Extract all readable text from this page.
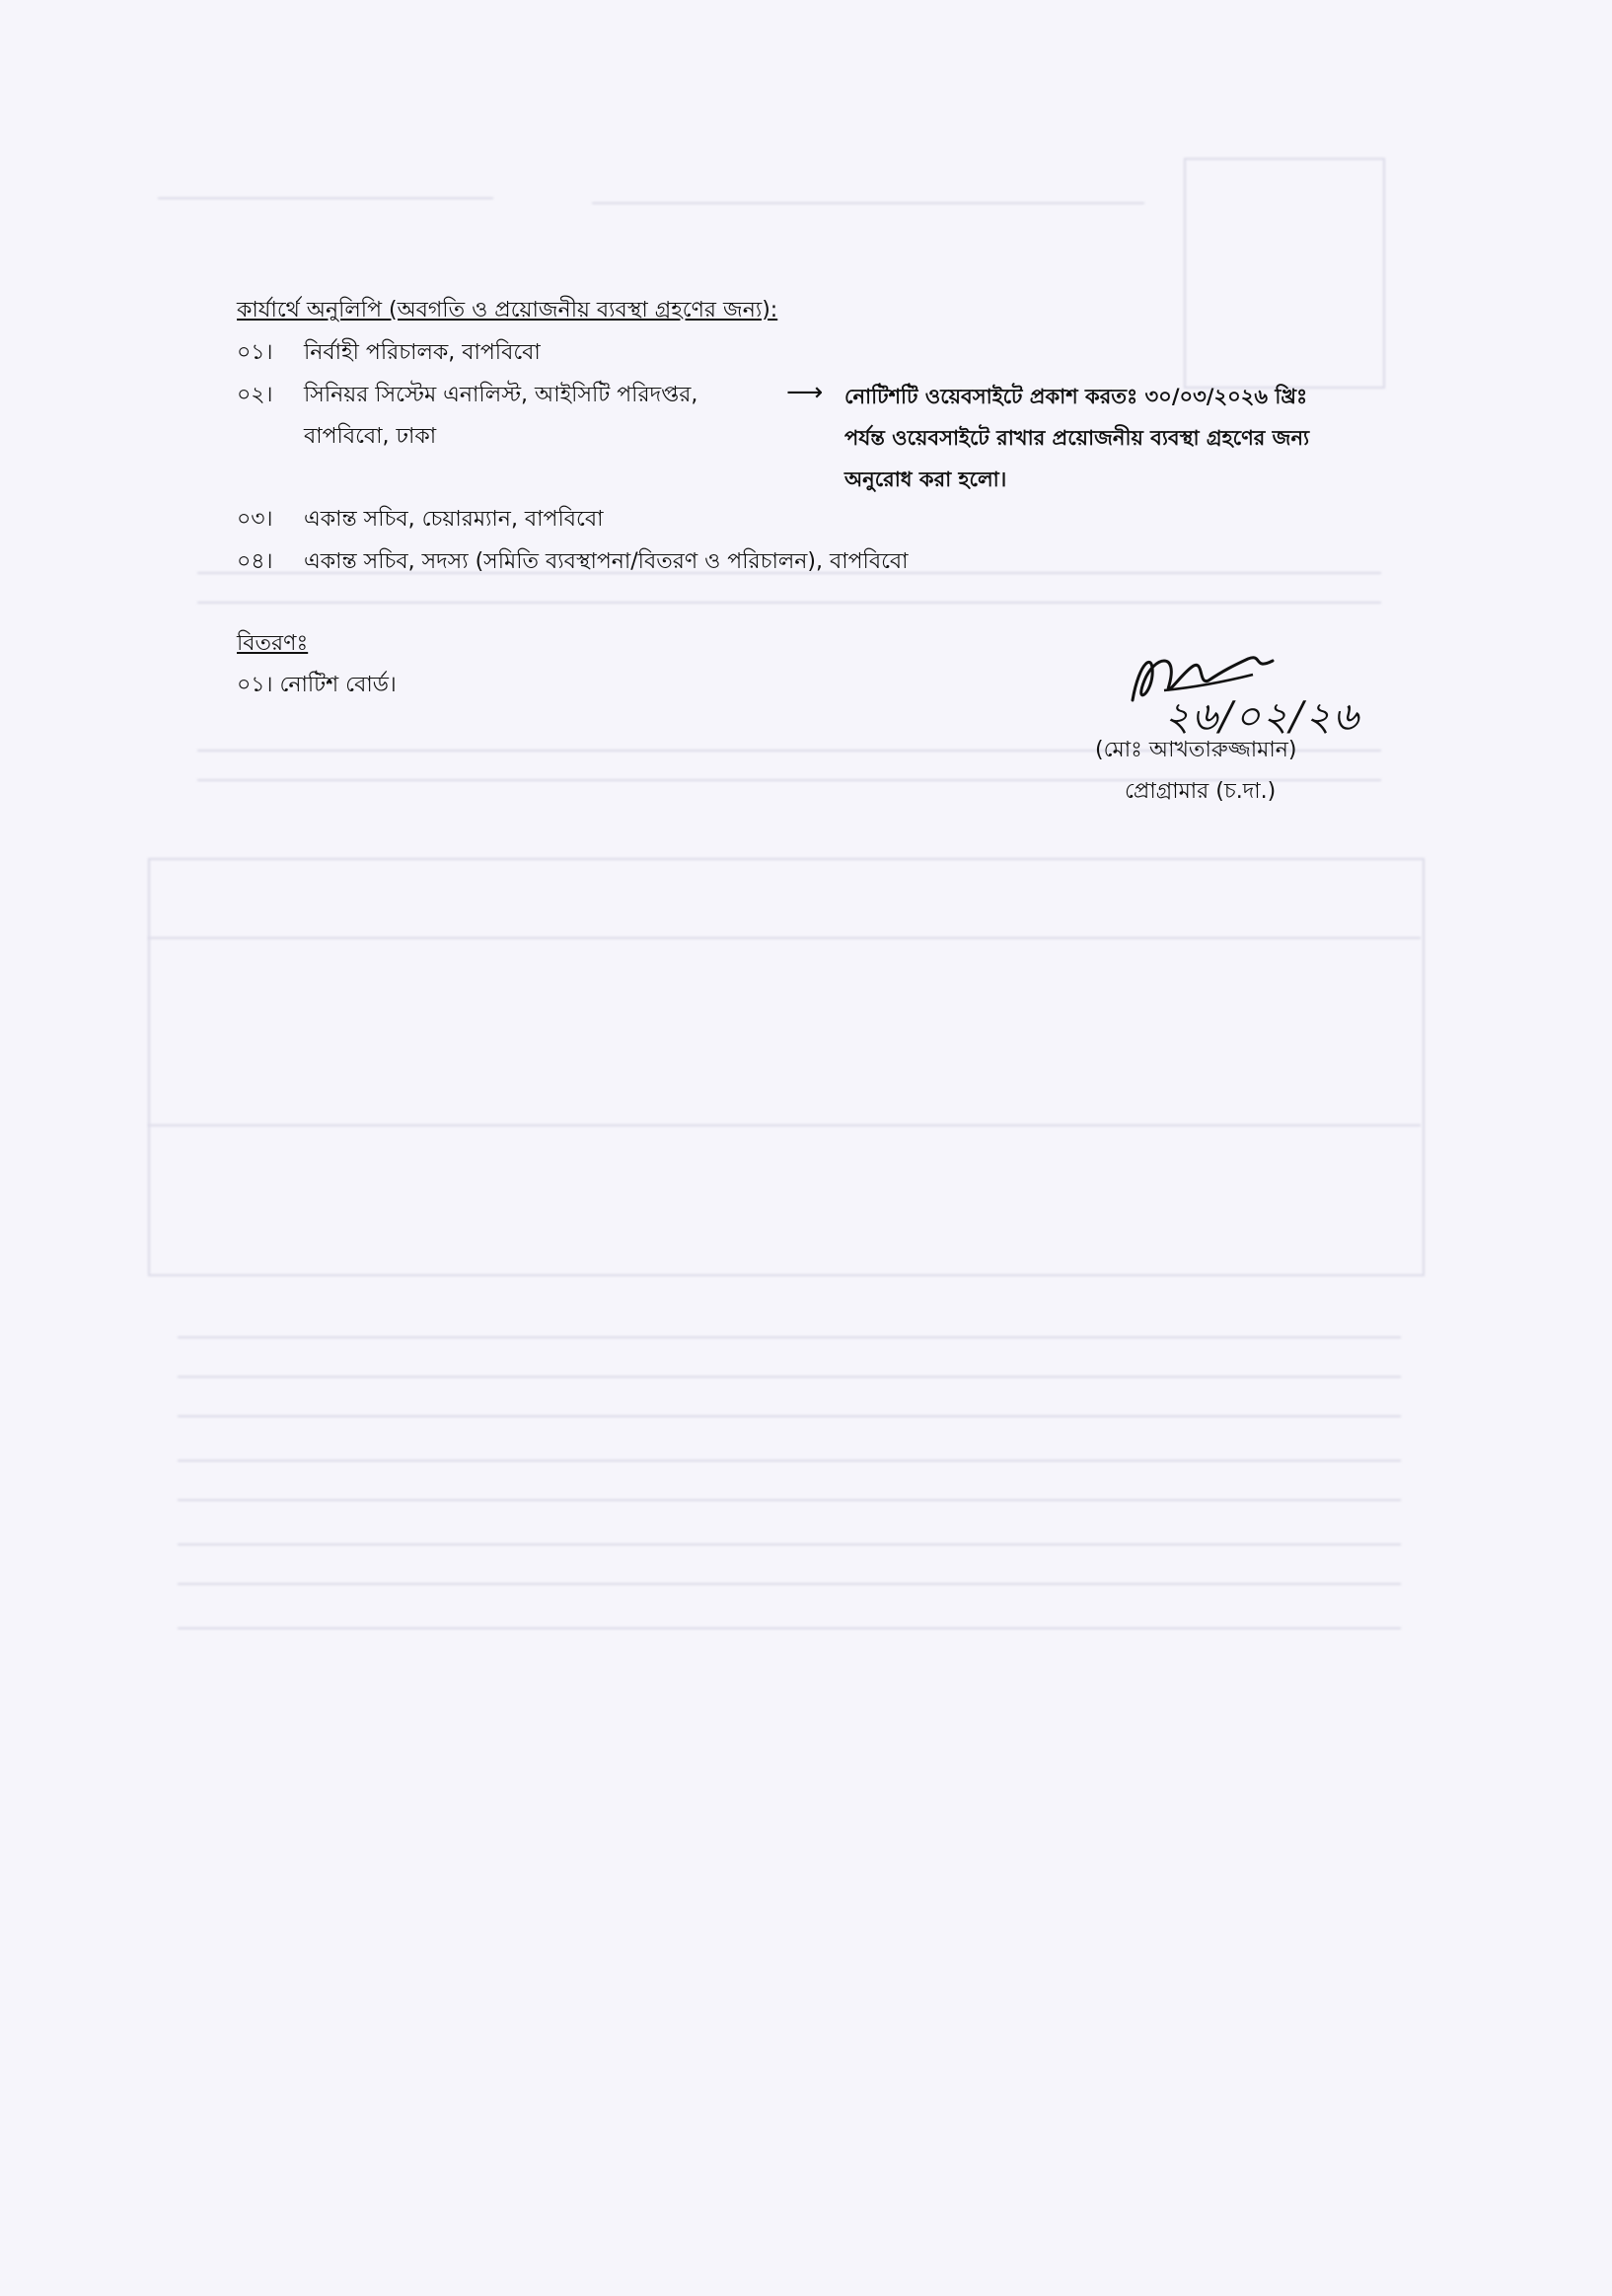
কার্যার্থে অনুলিপি (অবগতি ও প্রয়োজনীয় ব্যবস্থা গ্রহণের জন্য):
০১। নির্বাহী পরিচালক, বাপবিবো
০২। সিনিয়র সিস্টেম এনালিস্ট, আইসিটি পরিদপ্তর,
বাপবিবো, ঢাকা
⟶ নোটিশটি ওয়েবসাইটে প্রকাশ করতঃ ৩০/০৩/২০২৬ খ্রিঃ
পর্যন্ত ওয়েবসাইটে রাখার প্রয়োজনীয় ব্যবস্থা গ্রহণের জন্য
অনুরোধ করা হলো।
০৩। একান্ত সচিব, চেয়ারম্যান, বাপবিবো
০৪। একান্ত সচিব, সদস্য (সমিতি ব্যবস্থাপনা/বিতরণ ও পরিচালন), বাপবিবো
বিতরণঃ
০১। নোটিশ বোর্ড।
২৬/০২/২৬
(মোঃ আখতারুজ্জামান)
প্রোগ্রামার (চ.দা.)
